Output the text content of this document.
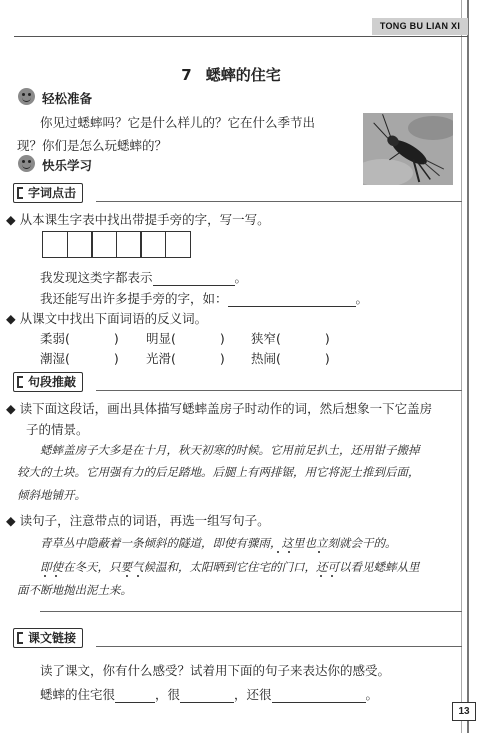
TONG BU LIAN XI
7 蟋蟀的住宅
轻松准备
你见过蟋蟀吗？它是什么样儿的？它在什么季节出
现？你们是怎么玩蟋蟀的？
快乐学习
字词点击
◆ 从本课生字表中找出带提手旁的字，写一写。
我发现这类字都表示	。
我还能写出许多提手旁的字，如：	。
◆ 从课文中找出下面词语的反义词。
柔弱(	) 明显(	) 狭窄(	)
潮湿(	) 光滑(	) 热闹(	)
句段推敲
◆ 读下面这段话，画出具体描写蟋蟀盖房子时动作的词，然后想象一下它盖房
子的情景。
蟋蟀盖房子大多是在十月，秋天初寒的时候。它用前足扒土，还用钳子搬掉
较大的土块。它用强有力的后足踏地。后腿上有两排锯，用它将泥土推到后面，
倾斜地铺开。
◆ 读句子，注意带点的词语，再选一组写句子。
青草丛中隐蔽着一条倾斜的隧道，即使有骤雨，这里也立刻就会干的。
即使在冬天，只要气候温和，太阳晒到它住宅的门口，还可以看见蟋蟀从里
面不断地抛出泥土来。
课文链接
读了课文，你有什么感受？试着用下面的句子来表达你的感受。
蟋蟀的住宅很	，很	，还很	。
13
